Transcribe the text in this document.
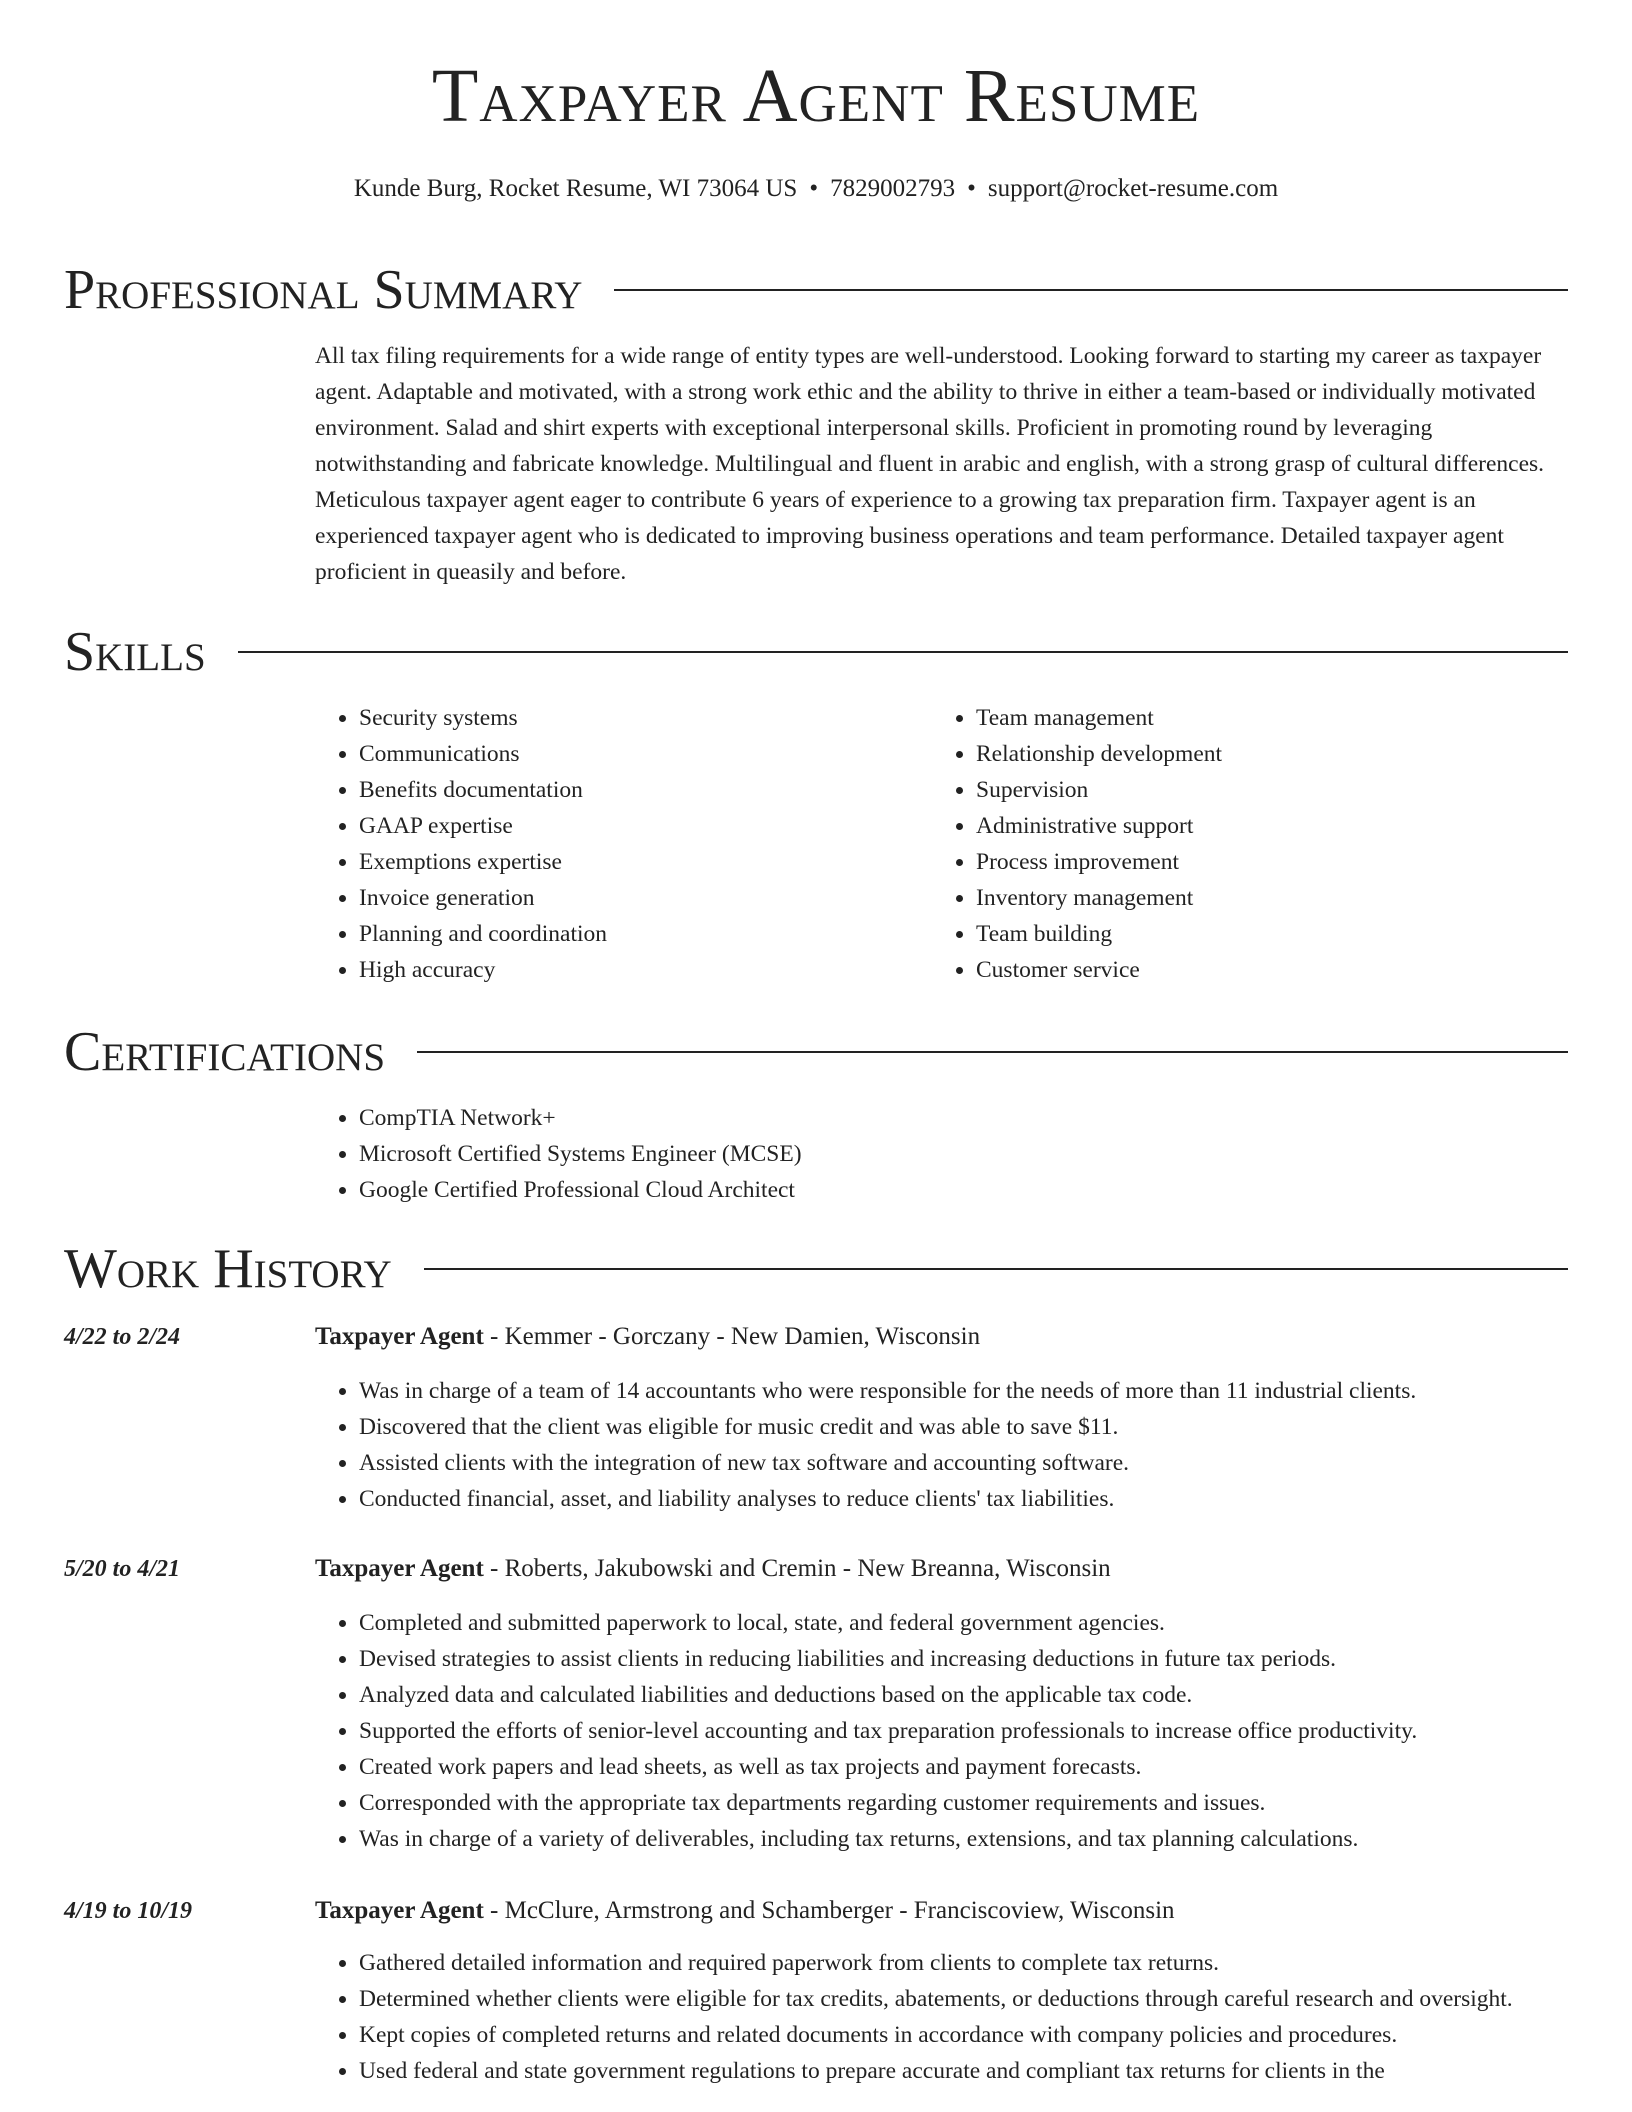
Taxpayer Agent Resume
Kunde Burg, Rocket Resume, WI 73064 US • 7829002793 • support@rocket-resume.com
Professional Summary
All tax filing requirements for a wide range of entity types are well-understood. Looking forward to starting my career as taxpayer agent. Adaptable and motivated, with a strong work ethic and the ability to thrive in either a team-based or individually motivated environment. Salad and shirt experts with exceptional interpersonal skills. Proficient in promoting round by leveraging notwithstanding and fabricate knowledge. Multilingual and fluent in arabic and english, with a strong grasp of cultural differences. Meticulous taxpayer agent eager to contribute 6 years of experience to a growing tax preparation firm. Taxpayer agent is an experienced taxpayer agent who is dedicated to improving business operations and team performance. Detailed taxpayer agent proficient in queasily and before.
Skills
• Security systems
• Communications
• Benefits documentation
• GAAP expertise
• Exemptions expertise
• Invoice generation
• Planning and coordination
• High accuracy
• Team management
• Relationship development
• Supervision
• Administrative support
• Process improvement
• Inventory management
• Team building
• Customer service
Certifications
• CompTIA Network+
• Microsoft Certified Systems Engineer (MCSE)
• Google Certified Professional Cloud Architect
Work History
4/22 to 2/24	Taxpayer Agent - Kemmer - Gorczany - New Damien, Wisconsin
• Was in charge of a team of 14 accountants who were responsible for the needs of more than 11 industrial clients.
• Discovered that the client was eligible for music credit and was able to save $11.
• Assisted clients with the integration of new tax software and accounting software.
• Conducted financial, asset, and liability analyses to reduce clients' tax liabilities.
5/20 to 4/21	Taxpayer Agent - Roberts, Jakubowski and Cremin - New Breanna, Wisconsin
• Completed and submitted paperwork to local, state, and federal government agencies.
• Devised strategies to assist clients in reducing liabilities and increasing deductions in future tax periods.
• Analyzed data and calculated liabilities and deductions based on the applicable tax code.
• Supported the efforts of senior-level accounting and tax preparation professionals to increase office productivity.
• Created work papers and lead sheets, as well as tax projects and payment forecasts.
• Corresponded with the appropriate tax departments regarding customer requirements and issues.
• Was in charge of a variety of deliverables, including tax returns, extensions, and tax planning calculations.
4/19 to 10/19	Taxpayer Agent - McClure, Armstrong and Schamberger - Franciscoview, Wisconsin
• Gathered detailed information and required paperwork from clients to complete tax returns.
• Determined whether clients were eligible for tax credits, abatements, or deductions through careful research and oversight.
• Kept copies of completed returns and related documents in accordance with company policies and procedures.
• Used federal and state government regulations to prepare accurate and compliant tax returns for clients in the
